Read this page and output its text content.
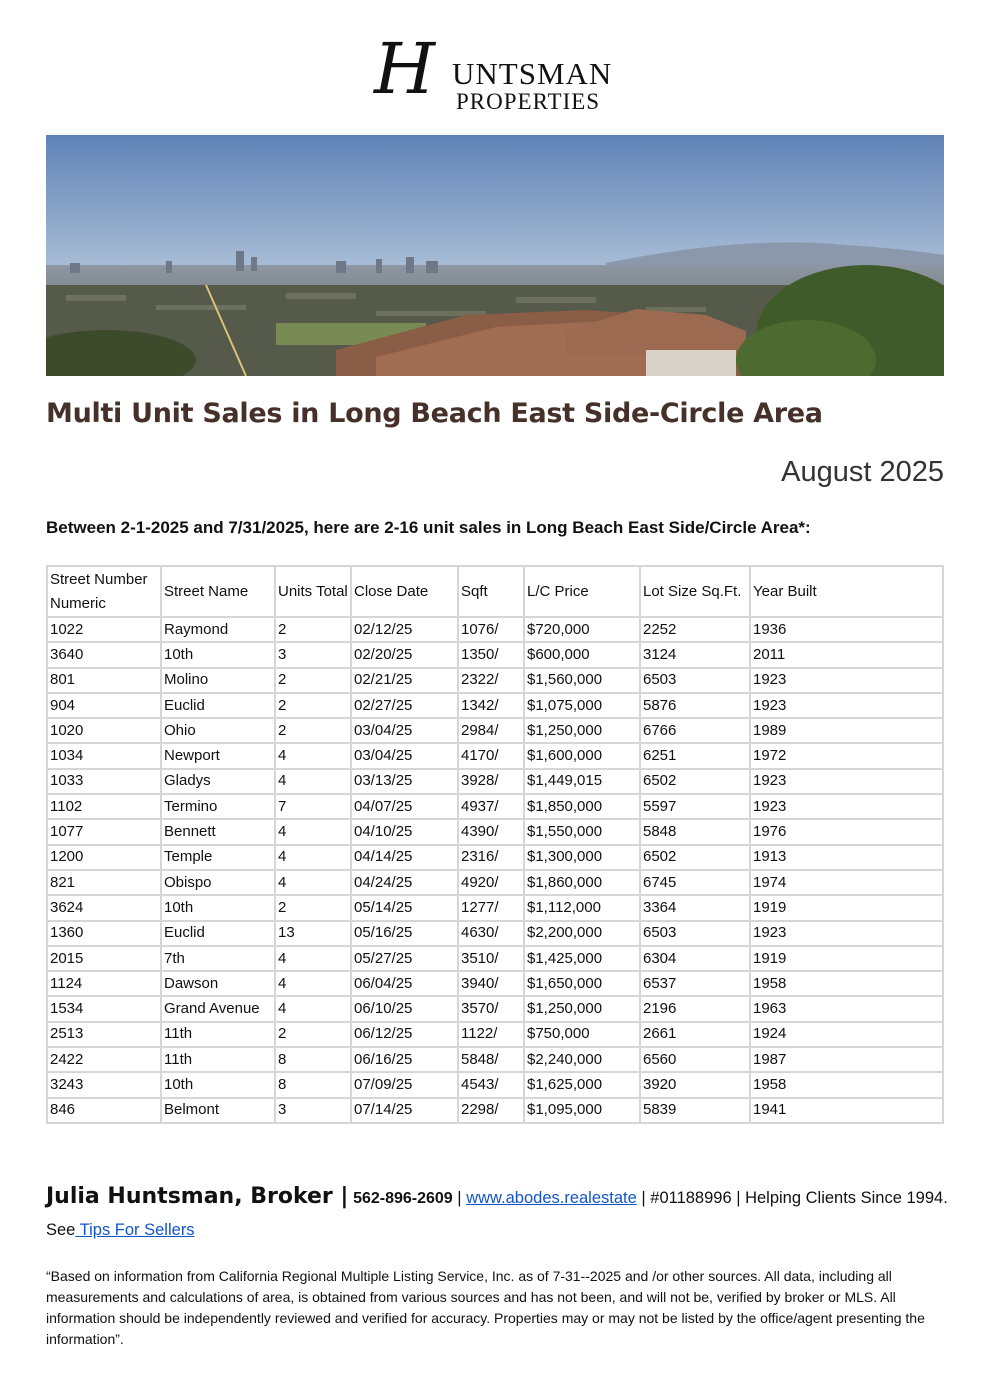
H UNTSMAN
PROPERTIES
Multi Unit Sales in Long Beach East Side-Circle Area
August 2025
Between 2-1-2025 and 7/31/2025, here are 2-16 unit sales in Long Beach East Side/Circle Area*:
Street Number Numeric	Street Name	Units Total	Close Date	Sqft	L/C Price	Lot Size Sq.Ft.	Year Built
1022	Raymond	2	02/12/25	1076/	$720,000	2252	1936
3640	10th	3	02/20/25	1350/	$600,000	3124	2011
801	Molino	2	02/21/25	2322/	$1,560,000	6503	1923
904	Euclid	2	02/27/25	1342/	$1,075,000	5876	1923
1020	Ohio	2	03/04/25	2984/	$1,250,000	6766	1989
1034	Newport	4	03/04/25	4170/	$1,600,000	6251	1972
1033	Gladys	4	03/13/25	3928/	$1,449,015	6502	1923
1102	Termino	7	04/07/25	4937/	$1,850,000	5597	1923
1077	Bennett	4	04/10/25	4390/	$1,550,000	5848	1976
1200	Temple	4	04/14/25	2316/	$1,300,000	6502	1913
821	Obispo	4	04/24/25	4920/	$1,860,000	6745	1974
3624	10th	2	05/14/25	1277/	$1,112,000	3364	1919
1360	Euclid	13	05/16/25	4630/	$2,200,000	6503	1923
2015	7th	4	05/27/25	3510/	$1,425,000	6304	1919
1124	Dawson	4	06/04/25	3940/	$1,650,000	6537	1958
1534	Grand Avenue	4	06/10/25	3570/	$1,250,000	2196	1963
2513	11th	2	06/12/25	1122/	$750,000	2661	1924
2422	11th	8	06/16/25	5848/	$2,240,000	6560	1987
3243	10th	8	07/09/25	4543/	$1,625,000	3920	1958
846	Belmont	3	07/14/25	2298/	$1,095,000	5839	1941
Julia Huntsman, Broker | 562-896-2609 | www.abodes.realestate | #01188996 | Helping Clients Since 1994.
See Tips For Sellers
“Based on information from California Regional Multiple Listing Service, Inc. as of 7-31--2025 and /or other sources. All data, including all measurements and calculations of area, is obtained from various sources and has not been, and will not be, verified by broker or MLS. All information should be independently reviewed and verified for accuracy. Properties may or may not be listed by the office/agent presenting the information”.
